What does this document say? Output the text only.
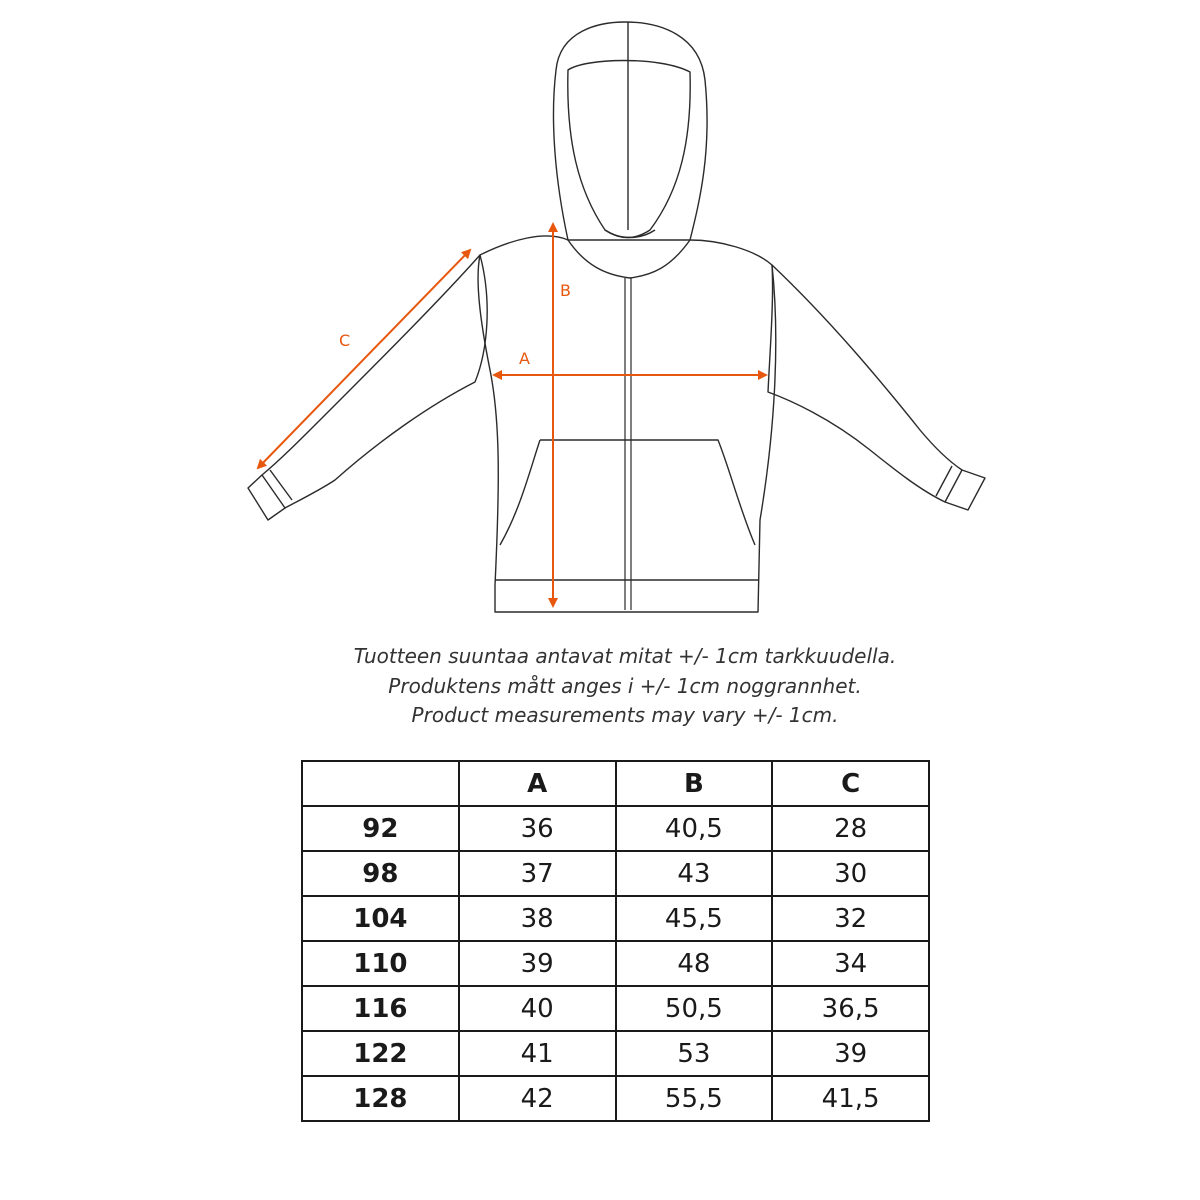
A
B
C
Tuotteen suuntaa antavat mitat +/- 1cm tarkkuudella.
Produktens mått anges i +/- 1cm noggrannhet.
Product measurements may vary +/- 1cm.
	A	B	C
92	36	40,5	28
98	37	43	30
104	38	45,5	32
110	39	48	34
116	40	50,5	36,5
122	41	53	39
128	42	55,5	41,5
